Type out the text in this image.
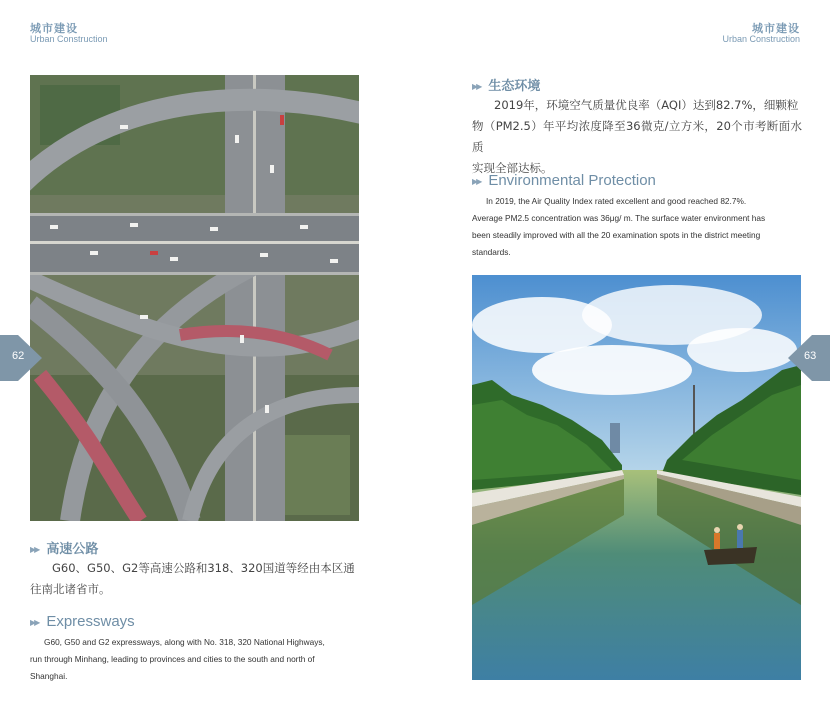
城市建设
Urban Construction
▶▶ 高速公路
G60、G50、G2等高速公路和318、320国道等经由本区通
往南北诸省市。
▶▶ Expressways
G60, G50 and G2 expressways, along with No. 318, 320 National Highways,
run through Minhang, leading to provinces and cities to the south and north of
Shanghai.
62
城市建设
Urban Construction
▶▶ 生态环境
2019年，环境空气质量优良率（AQI）达到82.7%，细颗粒
物（PM2.5）年平均浓度降至36微克/立方米，20个市考断面水质
实现全部达标。
▶▶ Environmental Protection
In 2019, the Air Quality Index rated excellent and good reached 82.7%.
Average PM2.5 concentration was 36μg/ m. The surface water environment has
been steadily improved with all the 20 examination spots in the district meeting
standards.
63
